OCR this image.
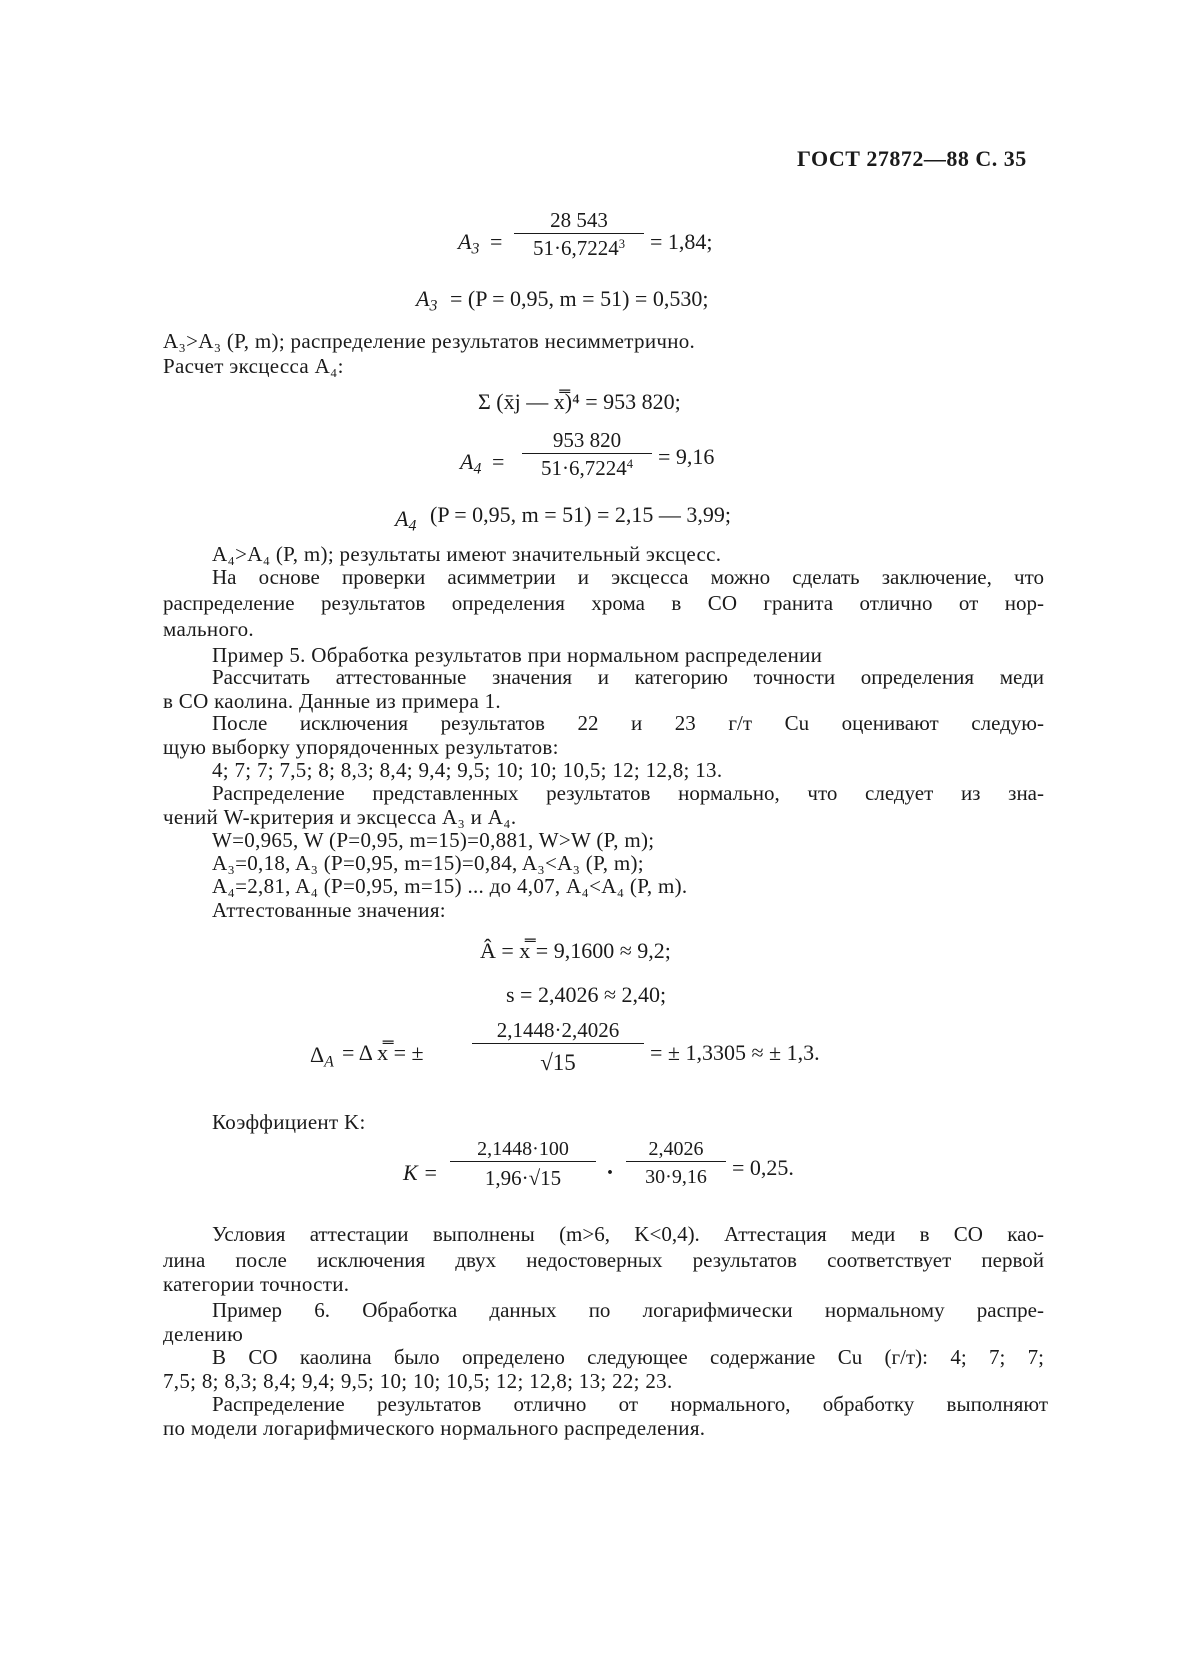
ГОСТ 27872—88 С. 35
$A_3 = \frac{28 543}{51\cdot 6,7224^3} = 1,84$;
$A_3 = (P = 0,95$, m = 51) = 0,530;
A₃>A₃ (P, m); распределение результатов несимметрично.
Расчет эксцесса A₄:
Σ (x̄j — x̿)⁴ = 953 820;
$A_4 = \frac{953 820}{51\cdot 6,7224^4} = 9,16$
$A_4$ (P = 0,95, m = 51) = 2,15 — 3,99;
A₄>A₄ (P, m); результаты имеют значительный эксцесс.
На основе проверки асимметрии и эксцесса можно сделать заключение, что
распределение результатов определения хрома в СО гранита отлично от нор-
мального.
Пример 5. Обработка результатов при нормальном распределении
Рассчитать аттестованные значения и категорию точности определения меди
в СО каолина. Данные из примера 1.
После исключения результатов 22 и 23 г/т Cu оценивают следую-
щую выборку упорядоченных результатов:
4; 7; 7; 7,5; 8; 8,3; 8,4; 9,4; 9,5; 10; 10; 10,5; 12; 12,8; 13.
Распределение представленных результатов нормально, что следует из зна-
чений W-критерия и эксцесса A₃ и A₄.
W=0,965, W (P=0,95, m=15)=0,881, W>W (P, m);
A₃=0,18, A₃ (P=0,95, m=15)=0,84, A₃<A₃ (P, m);
A₄=2,81, A₄ (P=0,95, m=15) ... до 4,07, A₄<A₄ (P, m).
Аттестованные значения:
Â = x̿ = 9,1600 ≈ 9,2;
s = 2,4026 ≈ 2,40;
$\Delta_A = \Delta$ x̿ = ± $\frac{2,1448\cdot 2,4026}{√15}$ = ± 1,3305 ≈ ± 1,3.
Коэффициент K:
$K = \frac{2,1448\cdot 100}{1,96\cdot√15} \cdot \frac{2,4026}{30\cdot 9,16} = 0,25$.
Условия аттестации выполнены (m>6, K<0,4). Аттестация меди в СО као-
лина после исключения двух недостоверных результатов соответствует первой
категории точности.
Пример 6. Обработка данных по логарифмически нормальному распре-
делению
В СО каолина было определено следующее содержание Cu (г/т): 4; 7; 7;
7,5; 8; 8,3; 8,4; 9,4; 9,5; 10; 10; 10,5; 12; 12,8; 13; 22; 23.
Распределение результатов отлично от нормального, обработку выполняют
по модели логарифмического нормального распределения.
